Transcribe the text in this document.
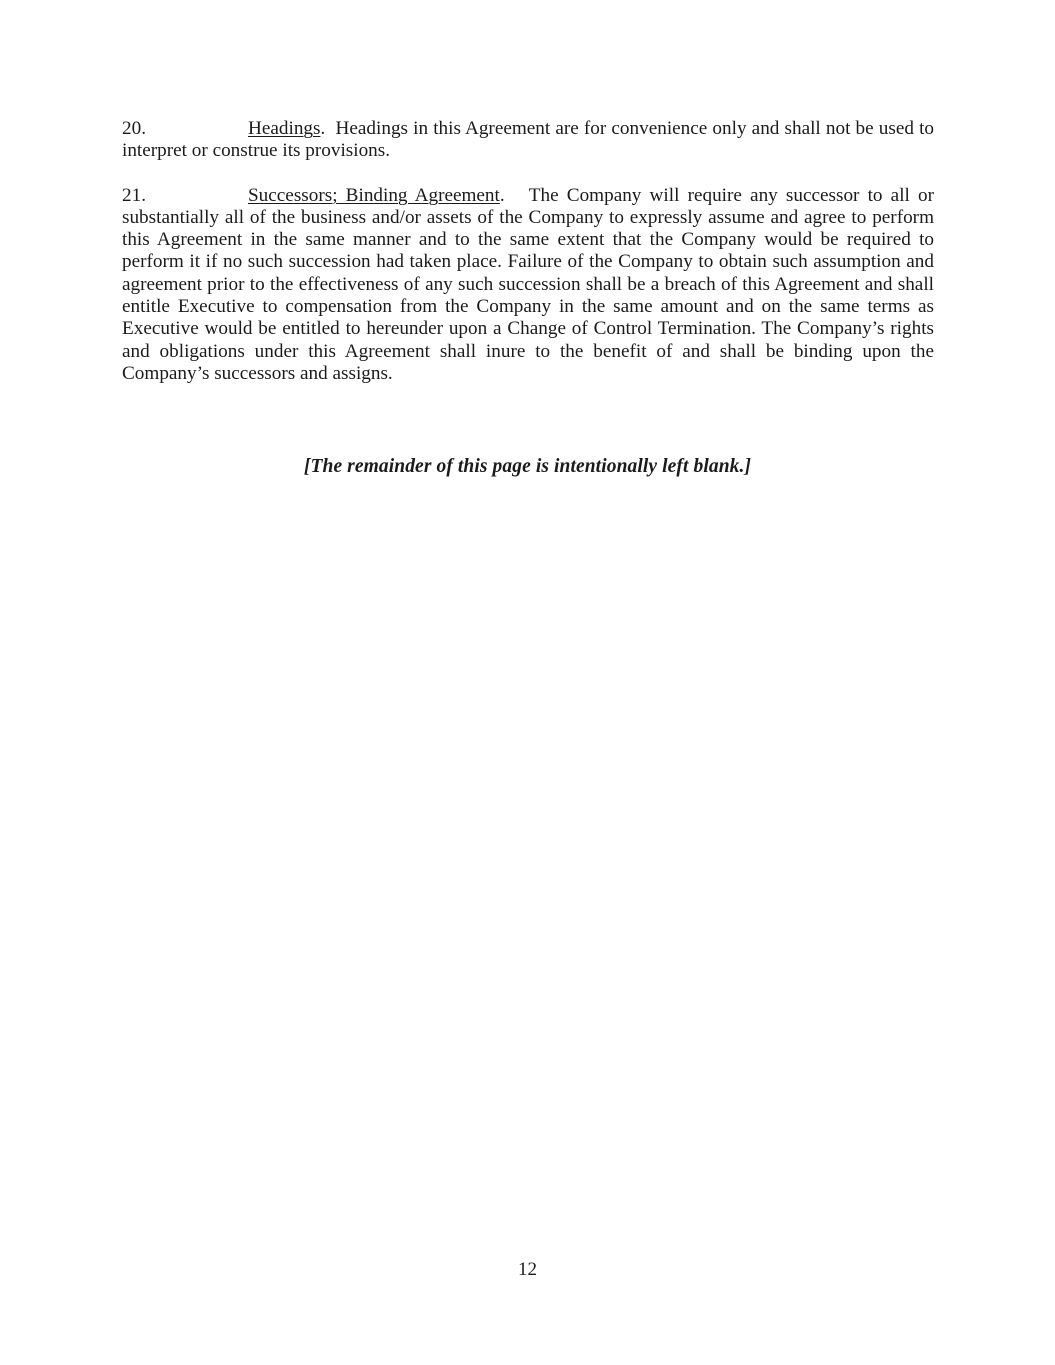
20.	Headings. Headings in this Agreement are for convenience only and shall not be used to interpret or construe its provisions.

21.	Successors; Binding Agreement. The Company will require any successor to all or substantially all of the business and/or assets of the Company to expressly assume and agree to perform this Agreement in the same manner and to the same extent that the Company would be required to perform it if no such succession had taken place. Failure of the Company to obtain such assumption and agreement prior to the effectiveness of any such succession shall be a breach of this Agreement and shall entitle Executive to compensation from the Company in the same amount and on the same terms as Executive would be entitled to hereunder upon a Change of Control Termination. The Company’s rights and obligations under this Agreement shall inure to the benefit of and shall be binding upon the Company’s successors and assigns.

[The remainder of this page is intentionally left blank.]
12
